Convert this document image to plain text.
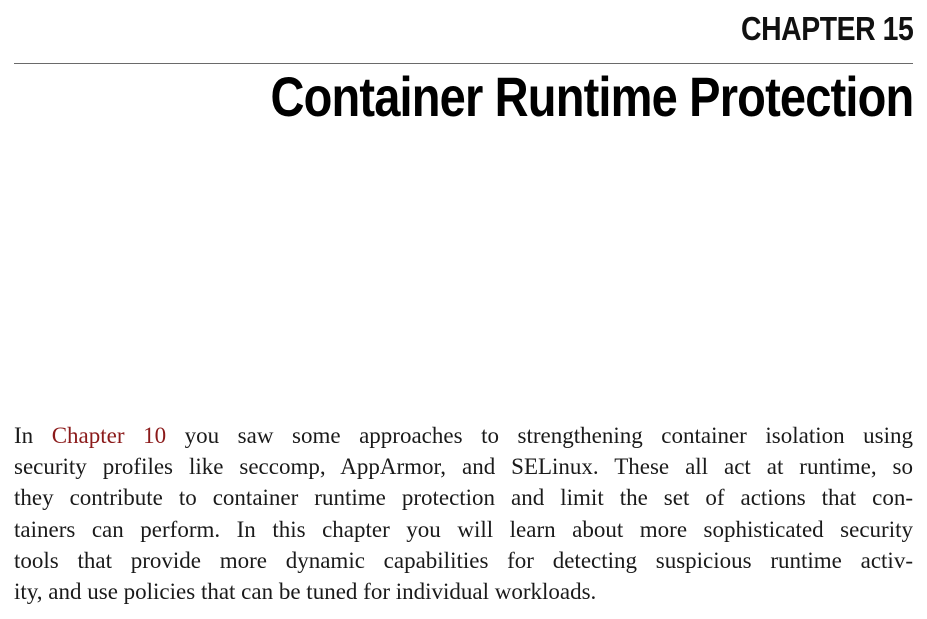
CHAPTER 15
Container Runtime Protection
In Chapter 10 you saw some approaches to strengthening container isolation using
security profiles like seccomp, AppArmor, and SELinux. These all act at runtime, so
they contribute to container runtime protection and limit the set of actions that con-
tainers can perform. In this chapter you will learn about more sophisticated security
tools that provide more dynamic capabilities for detecting suspicious runtime activ-
ity, and use policies that can be tuned for individual workloads.
